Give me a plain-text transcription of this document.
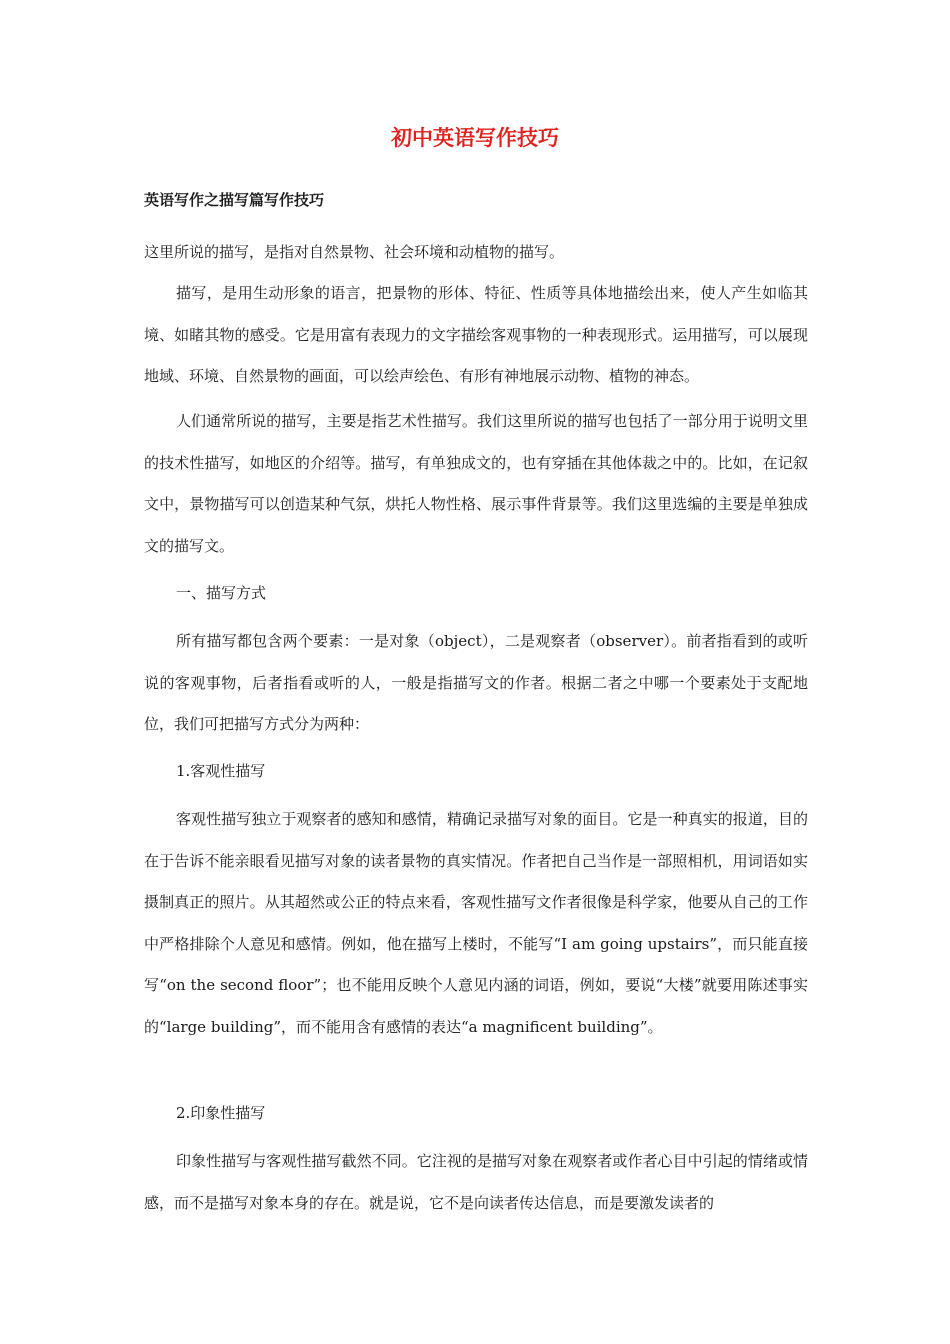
初中英语写作技巧
英语写作之描写篇写作技巧

这里所说的描写，是指对自然景物、社会环境和动植物的描写。

描写，是用生动形象的语言，把景物的形体、特征、性质等具体地描绘出来，使人产生如临其境、如睹其物的感受。它是用富有表现力的文字描绘客观事物的一种表现形式。运用描写，可以展现地域、环境、自然景物的画面，可以绘声绘色、有形有神地展示动物、植物的神态。

人们通常所说的描写，主要是指艺术性描写。我们这里所说的描写也包括了一部分用于说明文里的技术性描写，如地区的介绍等。描写，有单独成文的，也有穿插在其他体裁之中的。比如，在记叙文中，景物描写可以创造某种气氛，烘托人物性格、展示事件背景等。我们这里选编的主要是单独成文的描写文。

一、描写方式

所有描写都包含两个要素：一是对象（object），二是观察者（observer）。前者指看到的或听说的客观事物，后者指看或听的人，一般是指描写文的作者。根据二者之中哪一个要素处于支配地位，我们可把描写方式分为两种：

1.客观性描写

客观性描写独立于观察者的感知和感情，精确记录描写对象的面目。它是一种真实的报道，目的在于告诉不能亲眼看见描写对象的读者景物的真实情况。作者把自己当作是一部照相机，用词语如实摄制真正的照片。从其超然或公正的特点来看，客观性描写文作者很像是科学家，他要从自己的工作中严格排除个人意见和感情。例如，他在描写上楼时，不能写“I am going upstairs”，而只能直接写“on the second floor”；也不能用反映个人意见内涵的词语，例如，要说“大楼”就要用陈述事实的“large building”，而不能用含有感情的表达“a magnificent building”。

2.印象性描写

印象性描写与客观性描写截然不同。它注视的是描写对象在观察者或作者心目中引起的情绪或情感，而不是描写对象本身的存在。就是说，它不是向读者传达信息，而是要激发读者的
